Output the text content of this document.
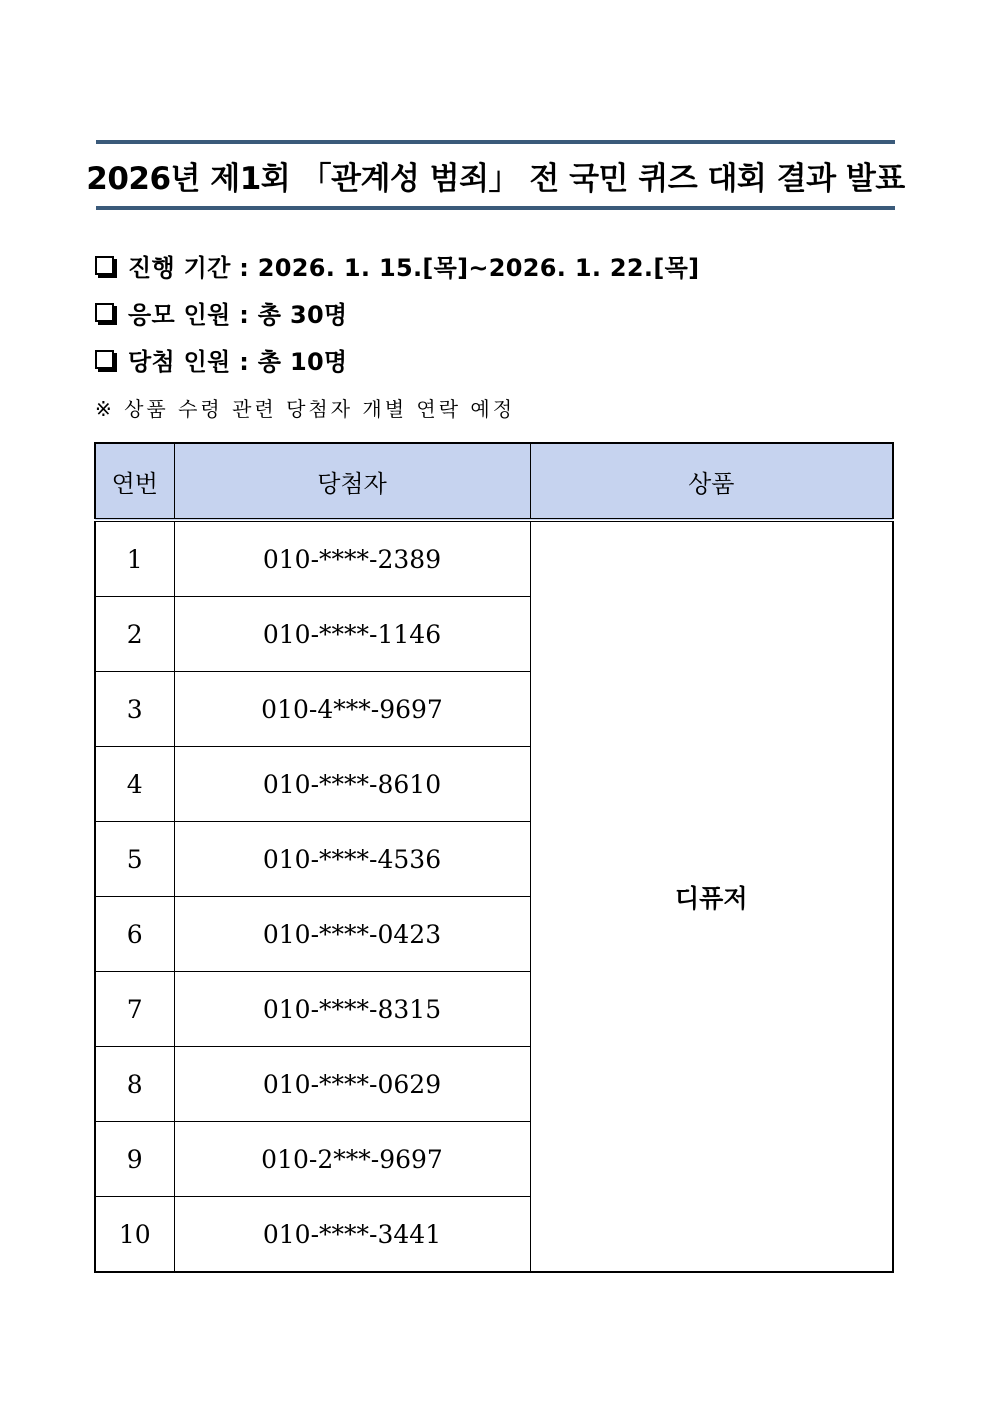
2026년 제1회 「관계성 범죄」 전 국민 퀴즈 대회 결과 발표
진행 기간 : 2026. 1. 15.[목]~2026. 1. 22.[목]
응모 인원 : 총 30명
당첨 인원 : 총 10명
※ 상품 수령 관련 당첨자 개별 연락 예정
연번	당첨자	상품
1	010-****-2389	디퓨저
2	010-****-1146	
3	010-4***-9697	
4	010-****-8610	
5	010-****-4536	
6	010-****-0423	
7	010-****-8315	
8	010-****-0629	
9	010-2***-9697	
10	010-****-3441	
